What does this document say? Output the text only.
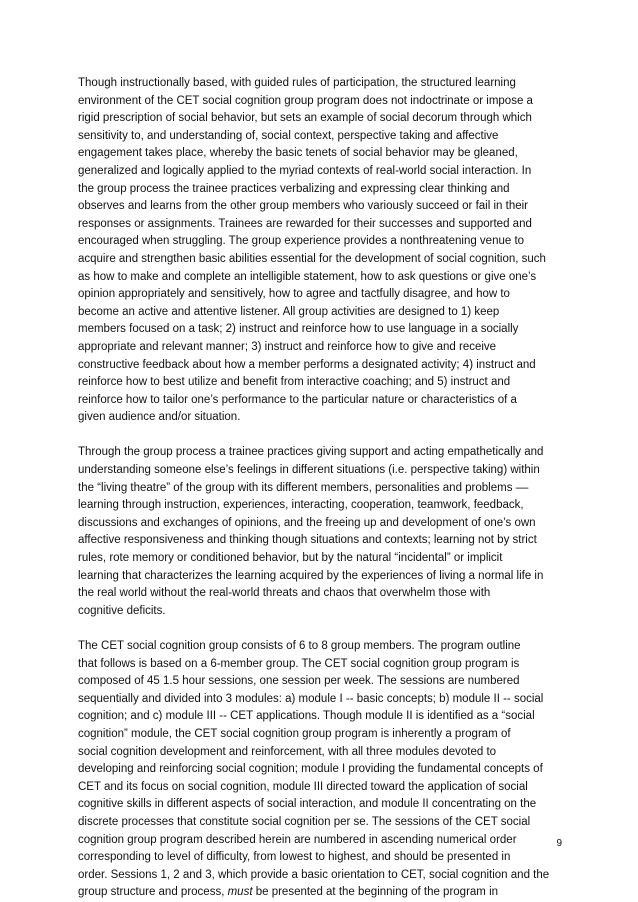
Though instructionally based, with guided rules of participation, the structured learning
environment of the CET social cognition group program does not indoctrinate or impose a
rigid prescription of social behavior, but sets an example of social decorum through which
sensitivity to, and understanding of, social context, perspective taking and affective
engagement takes place, whereby the basic tenets of social behavior may be gleaned,
generalized and logically applied to the myriad contexts of real-world social interaction. In
the group process the trainee practices verbalizing and expressing clear thinking and
observes and learns from the other group members who variously succeed or fail in their
responses or assignments. Trainees are rewarded for their successes and supported and
encouraged when struggling. The group experience provides a nonthreatening venue to
acquire and strengthen basic abilities essential for the development of social cognition, such
as how to make and complete an intelligible statement, how to ask questions or give one’s
opinion appropriately and sensitively, how to agree and tactfully disagree, and how to
become an active and attentive listener. All group activities are designed to 1) keep
members focused on a task; 2) instruct and reinforce how to use language in a socially
appropriate and relevant manner; 3) instruct and reinforce how to give and receive
constructive feedback about how a member performs a designated activity; 4) instruct and
reinforce how to best utilize and benefit from interactive coaching; and 5) instruct and
reinforce how to tailor one’s performance to the particular nature or characteristics of a
given audience and/or situation.

Through the group process a trainee practices giving support and acting empathetically and
understanding someone else’s feelings in different situations (i.e. perspective taking) within
the “living theatre” of the group with its different members, personalities and problems ––
learning through instruction, experiences, interacting, cooperation, teamwork, feedback,
discussions and exchanges of opinions, and the freeing up and development of one’s own
affective responsiveness and thinking though situations and contexts; learning not by strict
rules, rote memory or conditioned behavior, but by the natural “incidental” or implicit
learning that characterizes the learning acquired by the experiences of living a normal life in
the real world without the real-world threats and chaos that overwhelm those with
cognitive deficits.

The CET social cognition group consists of 6 to 8 group members. The program outline
that follows is based on a 6-member group. The CET social cognition group program is
composed of 45 1.5 hour sessions, one session per week. The sessions are numbered
sequentially and divided into 3 modules: a) module I -- basic concepts; b) module II -- social
cognition; and c) module III -- CET applications. Though module II is identified as a “social
cognition” module, the CET social cognition group program is inherently a program of
social cognition development and reinforcement, with all three modules devoted to
developing and reinforcing social cognition; module I providing the fundamental concepts of
CET and its focus on social cognition, module III directed toward the application of social
cognitive skills in different aspects of social interaction, and module II concentrating on the
discrete processes that constitute social cognition per se. The sessions of the CET social
cognition group program described herein are numbered in ascending numerical order
corresponding to level of difficulty, from lowest to highest, and should be presented in
order. Sessions 1, 2 and 3, which provide a basic orientation to CET, social cognition and the
group structure and process, must be presented at the beginning of the program in

9
